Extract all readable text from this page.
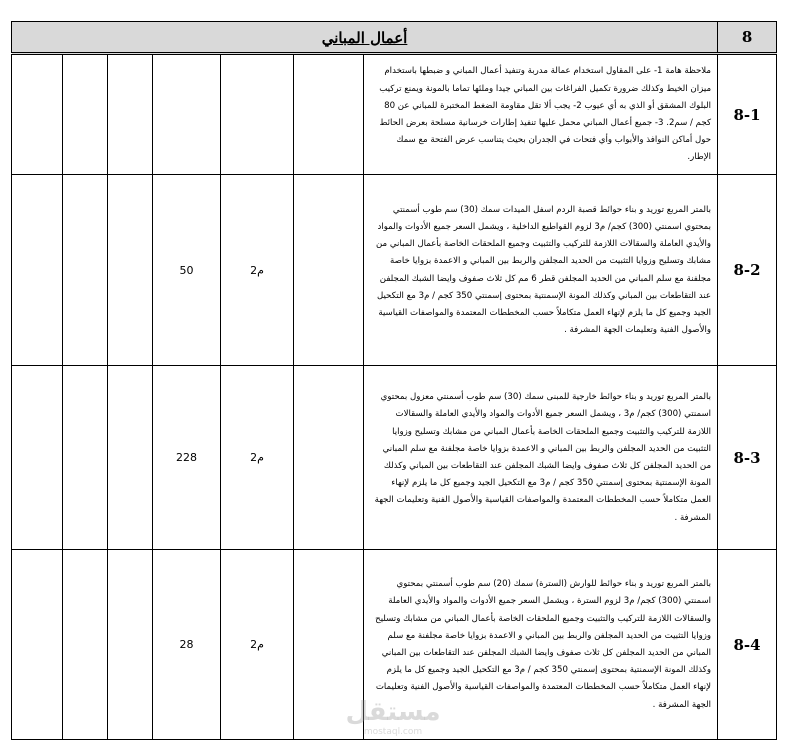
أعمال المباني							8
						ملاحظة هامة 1- على المقاول استخدام عمالة مدربة وتنفيذ أعمال المباني و ضبطها باستخدام ميزان الخيط وكذلك ضرورة تكميل الفراغات بين المباني جيدا وملئها تماما بالمونة ويمنع تركيب البلوك المشقق أو الذي به أي عيوب 2- يجب ألا تقل مقاومة الضغط المختبرة للمباني عن 80 كجم / سم2. 3- جميع أعمال المباني محمل عليها تنفيذ إطارات خرسانية مسلحة بعرض الحائط حول أماكن النوافذ والأبواب وأي فتحات في الجدران بحيث يتناسب عرض الفتحة مع سمك الإطار.	8-1
			50	م2		بالمتر المربع توريد و بناء حوائط قصبة الردم اسفل الميدات سمك (30) سم طوب أسمنتي بمحتوي اسمنتي (300) كجم/ م3 لزوم القواطيع الداخلية ، ويشمل السعر جميع الأدوات والمواد والأيدي العاملة والسقالات اللازمة للتركيب والتثبيت وجميع الملحقات الخاصة بأعمال المباني من مشابك وتسليح وزوايا التثبيت من الحديد المجلفن والربط بين المباني و الاعمدة بزوايا خاصة مجلفنة مع سلم المباني من الحديد المجلفن قطر 6 مم كل ثلاث صفوف وايضا الشبك المجلفن عند التقاطعات بين المباني وكذلك المونة الإسمنتية بمحتوى إسمنتي 350 كجم / م3 مع التكحيل الجيد وجميع كل ما يلزم لإنهاء العمل متكاملاً حسب المخططات المعتمدة والمواصفات القياسية والأصول الفنية وتعليمات الجهة المشرفة .	8-2
			228	م2		بالمتر المربع توريد و بناء حوائط خارجية للمبنى سمك (30) سم طوب أسمنتي معزول بمحتوي اسمنتي (300) كجم/ م3 ، ويشمل السعر جميع الأدوات والمواد والأيدي العاملة والسقالات اللازمة للتركيب والتثبيت وجميع الملحقات الخاصة بأعمال المباني من مشابك وتسليح وزوايا التثبيت من الحديد المجلفن والربط بين المباني و الاعمدة بزوايا خاصة مجلفنة مع سلم المباني من الحديد المجلفن كل ثلاث صفوف وايضا الشبك المجلفن عند التقاطعات بين المباني وكذلك المونة الإسمنتية بمحتوى إسمنتي 350 كجم / م3 مع التكحيل الجيد وجميع كل ما يلزم لإنهاء العمل متكاملاً حسب المخططات المعتمدة والمواصفات القياسية والأصول الفنية وتعليمات الجهة المشرفة .	8-3
			28	م2		بالمتر المربع توريد و بناء حوائط للوارش (السترة) سمك (20) سم طوب أسمنتي بمحتوي اسمنتي (300) كجم/ م3 لزوم السترة ، ويشمل السعر جميع الأدوات والمواد والأيدي العاملة والسقالات اللازمة للتركيب والتثبيت وجميع الملحقات الخاصة بأعمال المباني من مشابك وتسليح وزوايا التثبيت من الحديد المجلفن والربط بين المباني و الاعمدة بزوايا خاصة مجلفنة مع سلم المباني من الحديد المجلفن كل ثلاث صفوف وايضا الشبك المجلفن عند التقاطعات بين المباني وكذلك المونة الإسمنتية بمحتوى إسمنتي 350 كجم / م3 مع التكحيل الجيد وجميع كل ما يلزم لإنهاء العمل متكاملاً حسب المخططات المعتمدة والمواصفات القياسية والأصول الفنية وتعليمات الجهة المشرفة .	8-4
مستقل
mostaql.com
